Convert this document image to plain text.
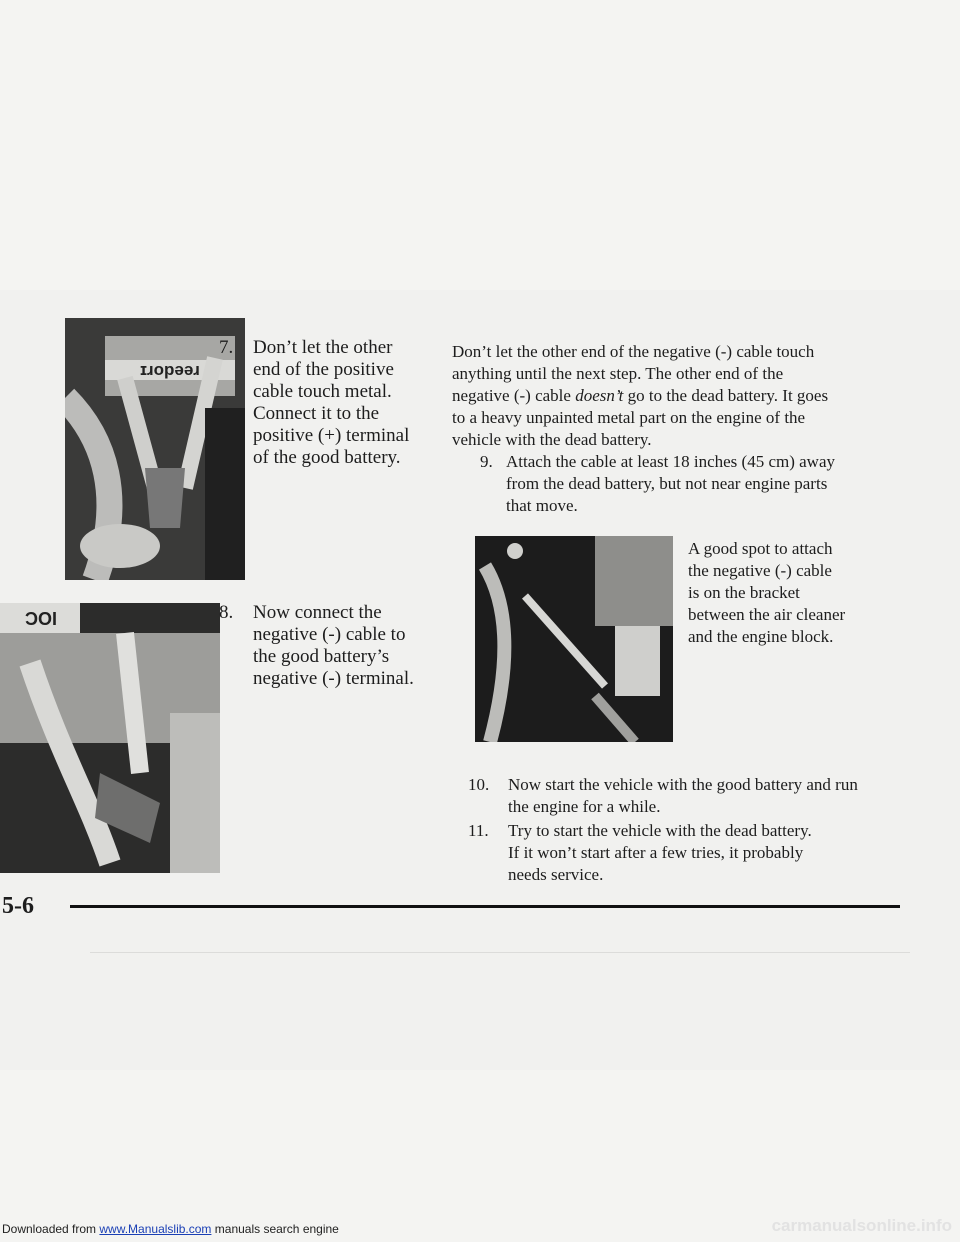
ɪɹopəəɹ
ƆOI
7.	Don’t let the other
end of the positive
cable touch metal.
Connect it to the
positive (+) terminal
of the good battery.
8.	Now connect the
negative (-) cable to
the good battery’s
negative (-) terminal.
Don’t let the other end of the negative (-) cable touch
anything until the next step. The other end of the
negative (-) cable doesn’t go to the dead battery. It goes
to a heavy unpainted metal part on the engine of the
vehicle with the dead battery.
9. Attach the cable at least 18 inches (45 cm) away
from the dead battery, but not near engine parts
that move.
A good spot to attach
the negative (-) cable
is on the bracket
between the air cleaner
and the engine block.
10. Now start the vehicle with the good battery and run
the engine for a while.
11. Try to start the vehicle with the dead battery.
If it won’t start after a few tries, it probably
needs service.
5-6
Downloaded from www.Manualslib.com manuals search engine	carmanualsonline.info
